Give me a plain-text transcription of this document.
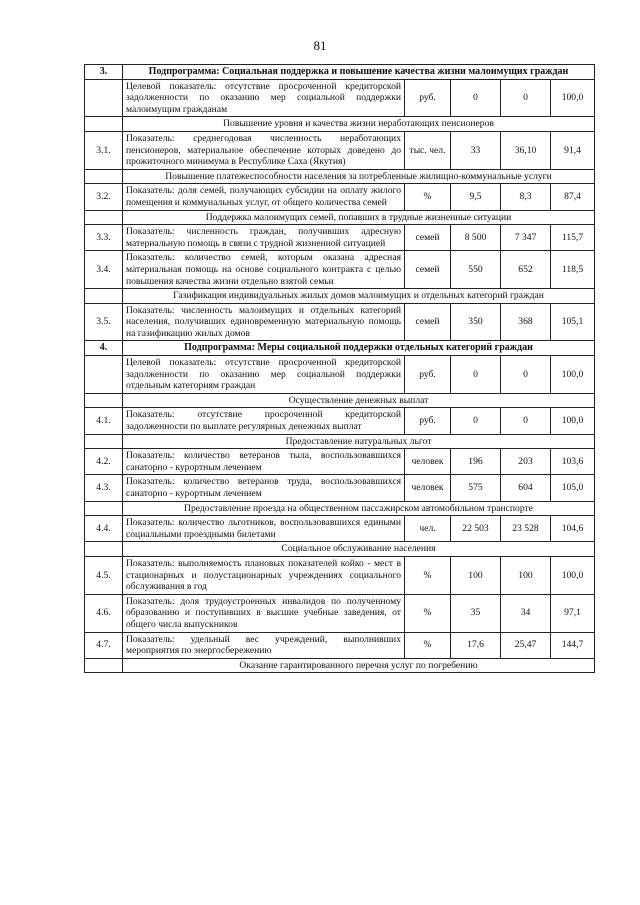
81
3.	Подпрограмма: Социальная поддержка и повышение качества жизни малоимущих граждан				
	Целевой показатель: отсутствие просроченной кредиторской задолженности по оказанию мер социальной поддержки малоимущим гражданам	руб.	0	0	100,0
	Повышение уровня и качества жизни неработающих пенсионеров				
3.1.	Показатель: среднегодовая численность неработающих пенсионеров, материальное обеспечение которых доведено до прожиточного минимума в Республике Саха (Якутия)	тыс. чел.	33	36,10	91,4
	Повышение платежеспособности населения за потребленные жилищно-коммунальные услуги				
3.2.	Показатель: доля семей, получающих субсидии на оплату жилого помещения и коммунальных услуг, от общего количества семей	%	9,5	8,3	87,4
	Поддержка малоимущих семей, попавших в трудные жизненные ситуации				
3.3.	Показатель: численность граждан, получивших адресную материальную помощь в связи с трудной жизненной ситуацией	семей	8 500	7 347	115,7
3.4.	Показатель: количество семей, которым оказана адресная материальная помощь на основе социального контракта с целью повышения качества жизни отдельно взятой семьи	семей	550	652	118,5
	Газификация индивидуальных жилых домов малоимущих и отдельных категорий граждан				
3.5.	Показатель: численность малоимущих и отдельных категорий населения, получивших единовременную материальную помощь на газификацию жилых домов	семей	350	368	105,1
4.	Подпрограмма: Меры социальной поддержки отдельных категорий граждан				
	Целевой показатель: отсутствие просроченной кредиторской задолженности по оказанию мер социальной поддержки отдельным категориям граждан	руб.	0	0	100,0
	Осуществление денежных выплат				
4.1.	Показатель: отсутствие просроченной кредиторской задолженности по выплате регулярных денежных выплат	руб.	0	0	100,0
	Предоставление натуральных льгот				
4.2.	Показатель: количество ветеранов тыла, воспользовавшихся санаторно - курортным лечением	человек	196	203	103,6
4.3.	Показатель: количество ветеранов труда, воспользовавшихся санаторно - курортным лечением	человек	575	604	105,0
	Предоставление проезда на общественном пассажирском автомобильном транспорте				
4.4.	Показатель: количество льготников, воспользовавшихся едиными социальными проездными билетами	чел.	22 503	23 528	104,6
	Социальное обслуживание населения				
4.5.	Показатель: выполняемость плановых показателей койко - мест в стационарных и полустационарных учреждениях социального обслуживания в год	%	100	100	100,0
4.6.	Показатель: доля трудоустроенных инвалидов по полученному образованию и поступивших в высшие учебные заведения, от общего числа выпускников	%	35	34	97,1
4.7.	Показатель: удельный вес учреждений, выполнивших мероприятия по энергосбережению	%	17,6	25,47	144,7
	Оказание гарантированного перечня услуг по погребению				
